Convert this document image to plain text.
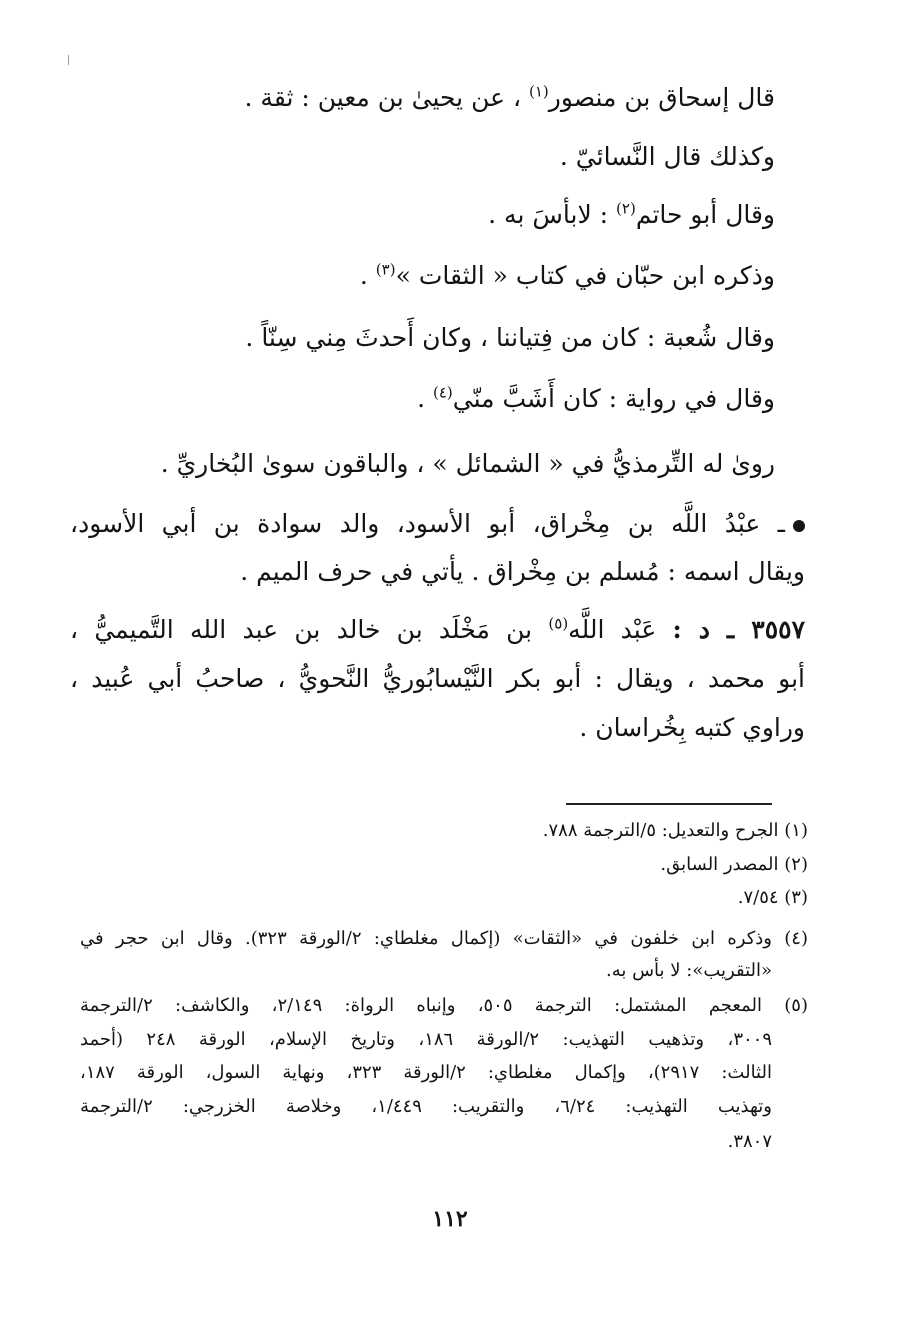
قال إسحاق بن منصور$^{(١)}$ ، عن يحيىٰ بن معين : ثقة .
وكذلك قال النَّسائيّ .
وقال أبو حاتم$^{(٢)}$ : لابأسَ به .
وذكره ابن حبّان في كتاب « الثقات »$^{(٣)}$ .
وقال شُعبة : كان من فِتياننا ، وكان أَحدثَ مِني سِنّاً .
وقال في رواية : كان أَشَبَّ منّي$^{(٤)}$ .
روىٰ له التِّرمذيُّ في « الشمائل » ، والباقون سوىٰ البُخاريِّ .
ـ عبْدُ اللَّه بن مِخْراق، أبو الأسود، والد سوادة بن أبي الأسود،
ويقال اسمه : مُسلم بن مِخْراق . يأتي في حرف الميم .
٣٥٥٧ ـ د : عَبْد اللَّه$^{(٥)}$ بن مَخْلَد بن خالد بن عبد الله التَّميميُّ ،
أبو محمد ، ويقال : أبو بكر النَّيْسابُوريُّ النَّحويُّ ، صاحبُ أبي عُبيد ،
وراوي كتبه بِخُراسان .
(١) الجرح والتعديل: ٥/الترجمة ٧٨٨.
(٢) المصدر السابق.
(٣) ٧/٥٤.
(٤) وذكره ابن خلفون في «الثقات» (إكمال مغلطاي: ٢/الورقة ٣٢٣). وقال ابن حجر في
«التقريب»: لا بأس به.
(٥) المعجم المشتمل: الترجمة ٥٠٥، وإنباه الرواة: ٢/١٤٩، والكاشف: ٢/الترجمة
٣٠٠٩، وتذهيب التهذيب: ٢/الورقة ١٨٦، وتاريخ الإسلام، الورقة ٢٤٨ (أحمد
الثالث: ٢٩١٧)، وإكمال مغلطاي: ٢/الورقة ٣٢٣، ونهاية السول، الورقة ١٨٧،
وتهذيب التهذيب: ٦/٢٤، والتقريب: ١/٤٤٩، وخلاصة الخزرجي: ٢/الترجمة
٣٨٠٧.
١١٢
